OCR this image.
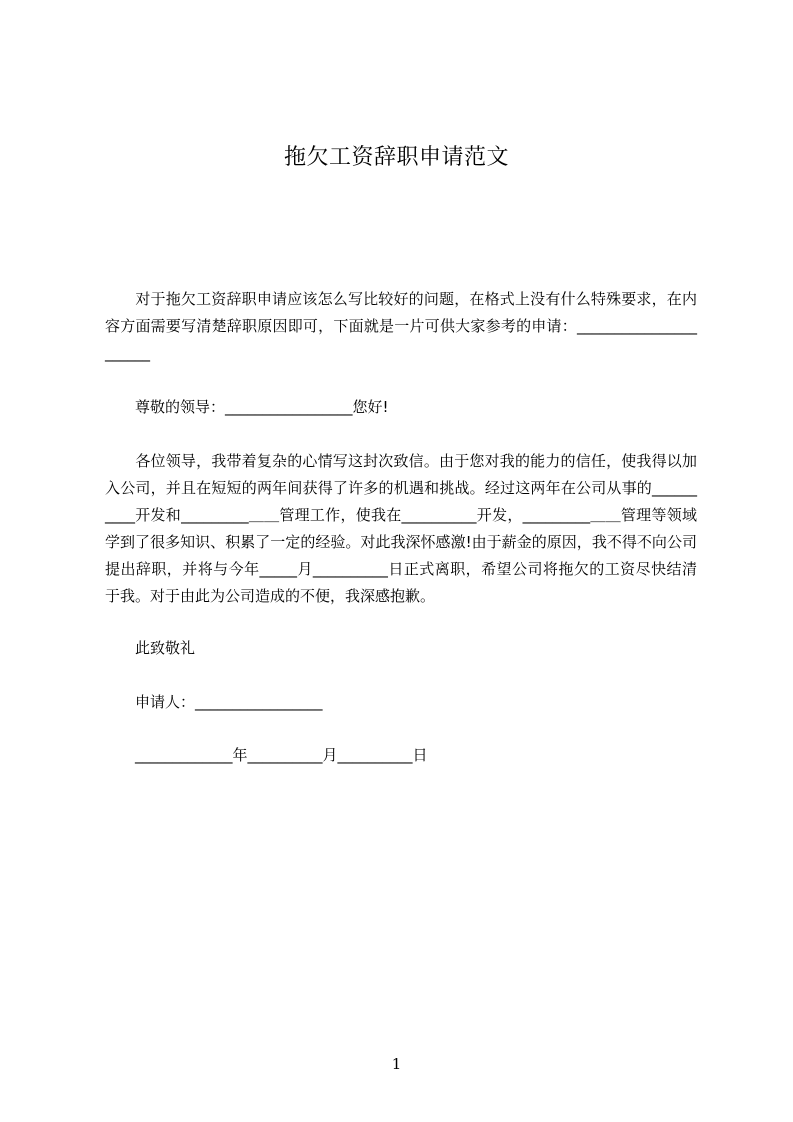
拖欠工资辞职申请范文
　　对于拖欠工资辞职申请应该怎么写比较好的问题，在格式上没有什么特殊要求，在内容方面需要写清楚辞职原因即可，下面就是一片可供大家参考的申请：______________________
　　尊敬的领导：_________________您好!
　　各位领导，我带着复杂的心情写这封次致信。由于您对我的能力的信任，使我得以加入公司，并且在短短的两年间获得了许多的机遇和挑战。经过这两年在公司从事的__________开发和_________＿＿管理工作，使我在__________开发，_________＿＿管理等领域学到了很多知识、积累了一定的经验。对此我深怀感激!由于薪金的原因，我不得不向公司提出辞职，并将与今年_____月__________日正式离职，希望公司将拖欠的工资尽快结清于我。对于由此为公司造成的不便，我深感抱歉。
　　此致敬礼
　　申请人：_________________
　　_____________年__________月__________日
1
